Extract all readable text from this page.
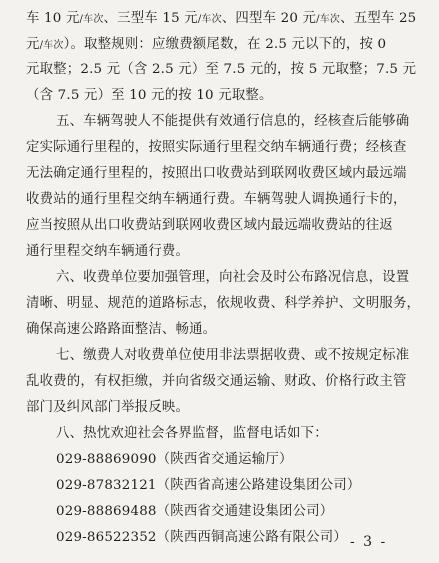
车 10 元/车次、三型车 15 元/车次、四型车 20 元/车次、五型车 25
元/车次）。取整规则：应缴费额尾数，在 2.5 元以下的，按 0
元取整；2.5 元（含 2.5 元）至 7.5 元的，按 5 元取整；7.5 元
（含 7.5 元）至 10 元的按 10 元取整。
五、车辆驾驶人不能提供有效通行信息的，经核查后能够确
定实际通行里程的，按照实际通行里程交纳车辆通行费；经核查
无法确定通行里程的，按照出口收费站到联网收费区域内最远端
收费站的通行里程交纳车辆通行费。车辆驾驶人调换通行卡的，
应当按照从出口收费站到联网收费区域内最远端收费站的往返
通行里程交纳车辆通行费。
六、收费单位要加强管理，向社会及时公布路况信息，设置
清晰、明显、规范的道路标志，依规收费、科学养护、文明服务，
确保高速公路路面整洁、畅通。
七、缴费人对收费单位使用非法票据收费、或不按规定标准
乱收费的，有权拒缴，并向省级交通运输、财政、价格行政主管
部门及纠风部门举报反映。
八、热忱欢迎社会各界监督，监督电话如下：
029-88869090（陕西省交通运输厅）
029-87832121（陕西省高速公路建设集团公司）
029-88869488（陕西省交通建设集团公司）
029-86522352（陕西西铜高速公路有限公司） - 3 -
